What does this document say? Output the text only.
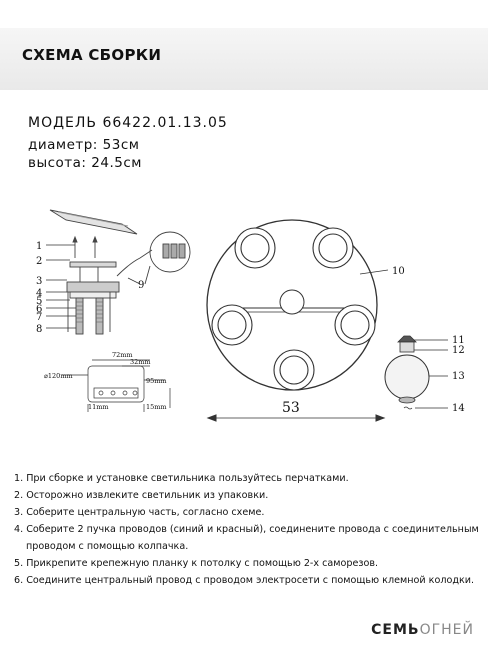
СХЕМА СБОРКИ
МОДЕЛЬ 66422.01.13.05
диаметр: 53см
высота: 24.5см
1
2
3
4
5
6
7
8
9
72mm
32mm
⌀120mm
95mm
11mm	15mm	53
10
11
12
13
14
1. При сборке и установке светильника пользуйтесь перчатками.
2. Осторожно извлеките светильник из упаковки.
3. Соберите центральную часть, согласно схеме.
4. Соберите 2 пучка проводов (синий и красный), соединените провода с соединительным
проводом с помощью колпачка.
5. Прикрепите крепежную планку к потолку с помощью 2-х саморезов.
6. Соедините центральный провод с проводом электросети с помощью клемной колодки.
СЕМЬОГНЕЙ
